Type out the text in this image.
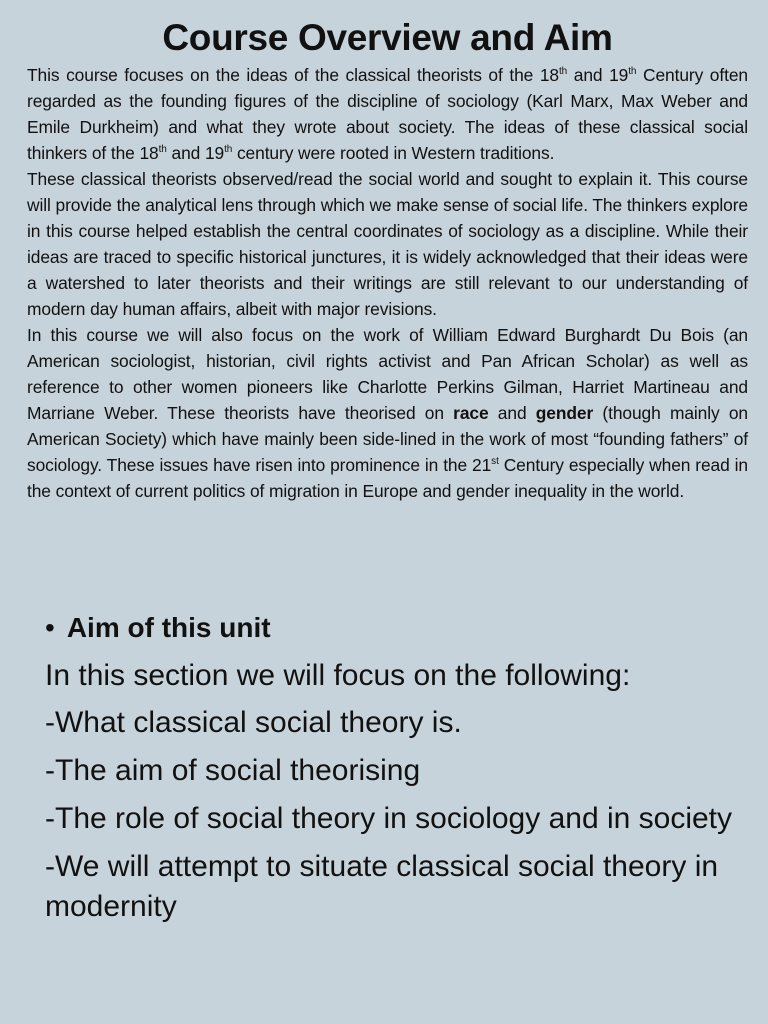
Course Overview and Aim

This course focuses on the ideas of the classical theorists of the 18th and 19th Century often regarded as the founding figures of the discipline of sociology (Karl Marx, Max Weber and Emile Durkheim) and what they wrote about society. The ideas of these classical social thinkers of the 18th and 19th century were rooted in Western traditions.

These classical theorists observed/read the social world and sought to explain it. This course will provide the analytical lens through which we make sense of social life. The thinkers explore in this course helped establish the central coordinates of sociology as a discipline. While their ideas are traced to specific historical junctures, it is widely acknowledged that their ideas were a watershed to later theorists and their writings are still relevant to our understanding of modern day human affairs, albeit with major revisions.

In this course we will also focus on the work of William Edward Burghardt Du Bois (an American sociologist, historian, civil rights activist and Pan African Scholar) as well as reference to other women pioneers like Charlotte Perkins Gilman, Harriet Martineau and Marriane Weber. These theorists have theorised on race and gender (though mainly on American Society) which have mainly been side-lined in the work of most “founding fathers” of sociology. These issues have risen into prominence in the 21st Century especially when read in the context of current politics of migration in Europe and gender inequality in the world.

• Aim of this unit

In this section we will focus on the following:

-What classical social theory is.
-The aim of social theorising
-The role of social theory in sociology and in society
-We will attempt to situate classical social theory in modernity
